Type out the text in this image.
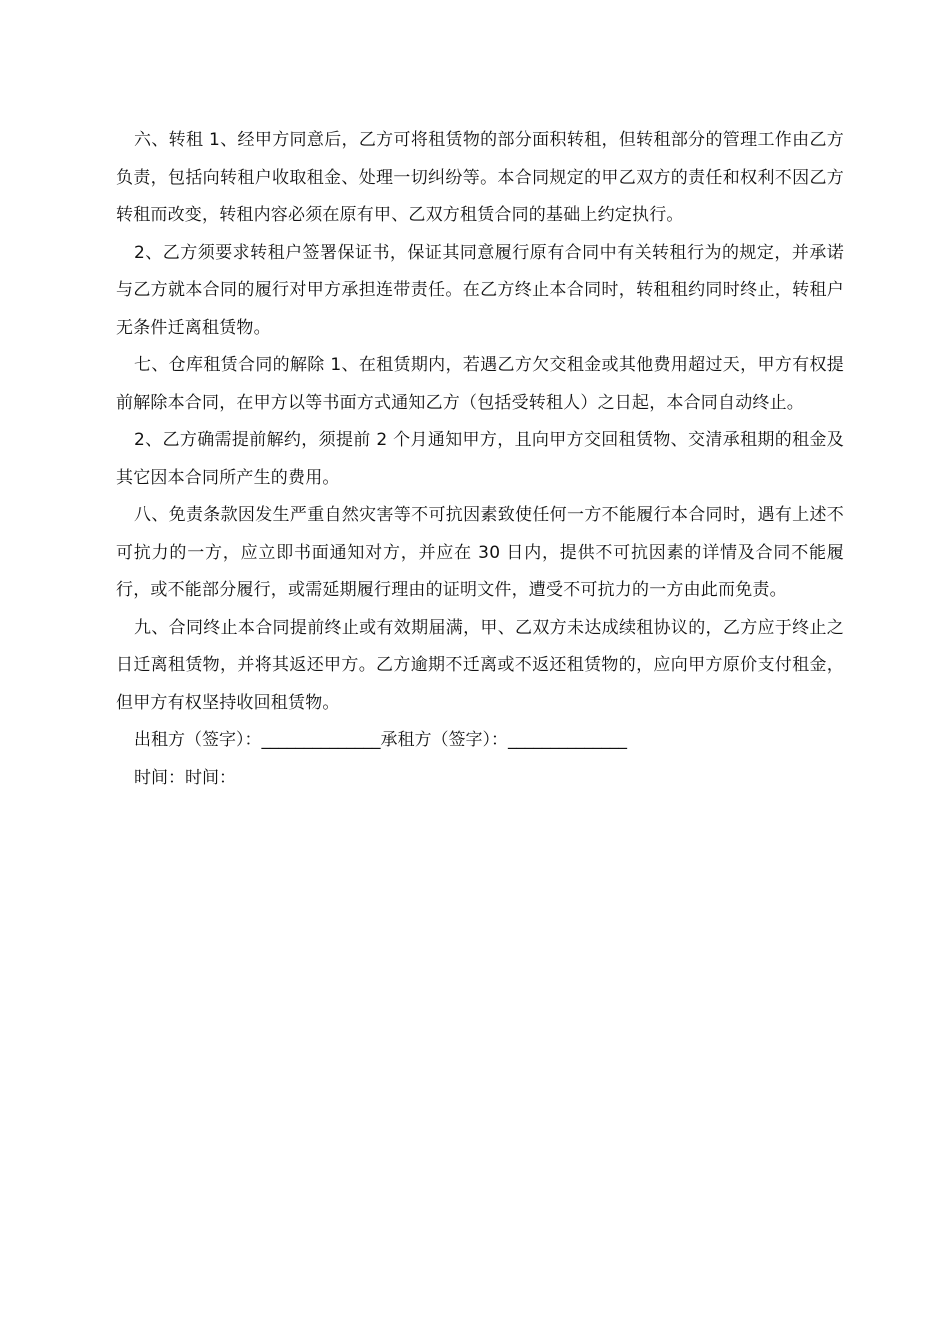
六、转租 1、经甲方同意后，乙方可将租赁物的部分面积转租，但转租部分的管理工作由乙方负责，包括向转租户收取租金、处理一切纠纷等。本合同规定的甲乙双方的责任和权利不因乙方转租而改变，转租内容必须在原有甲、乙双方租赁合同的基础上约定执行。

2、乙方须要求转租户签署保证书，保证其同意履行原有合同中有关转租行为的规定，并承诺与乙方就本合同的履行对甲方承担连带责任。在乙方终止本合同时，转租租约同时终止，转租户无条件迁离租赁物。

七、仓库租赁合同的解除 1、在租赁期内，若遇乙方欠交租金或其他费用超过天，甲方有权提前解除本合同，在甲方以等书面方式通知乙方（包括受转租人）之日起，本合同自动终止。

2、乙方确需提前解约，须提前 2 个月通知甲方，且向甲方交回租赁物、交清承租期的租金及其它因本合同所产生的费用。

八、免责条款因发生严重自然灾害等不可抗因素致使任何一方不能履行本合同时，遇有上述不可抗力的一方，应立即书面通知对方，并应在 30 日内，提供不可抗因素的详情及合同不能履行，或不能部分履行，或需延期履行理由的证明文件，遭受不可抗力的一方由此而免责。

九、合同终止本合同提前终止或有效期届满，甲、乙双方未达成续租协议的，乙方应于终止之日迁离租赁物，并将其返还甲方。乙方逾期不迁离或不返还租赁物的，应向甲方原价支付租金，但甲方有权坚持收回租赁物。

出租方（签字）：______________承租方（签字）：______________

时间：时间：
